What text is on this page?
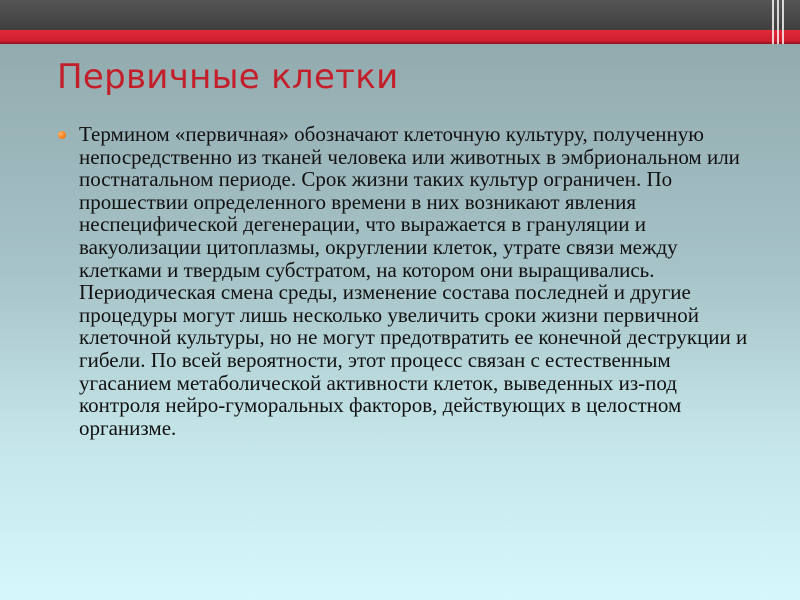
Первичные клетки
Термином «первичная» обозначают клеточную культуру, полученную непосредственно из тканей человека или животных в эмбриональном или постнатальном периоде. Срок жизни таких культур ограничен. По прошествии определенного времени в них возникают явления неспецифической дегенерации, что выражается в грануляции и вакуолизации цитоплазмы, округлении клеток, утрате связи между клетками и твердым субстратом, на котором они выращивались. Периодическая смена среды, изменение состава последней и другие процедуры могут лишь несколько увеличить сроки жизни первичной клеточной культуры, но не могут предотвратить ее конечной деструкции и гибели. По всей вероятности, этот процесс связан с естественным угасанием метаболической активности клеток, выведенных из-под контроля нейро-гуморальных факторов, действующих в целостном организме.
